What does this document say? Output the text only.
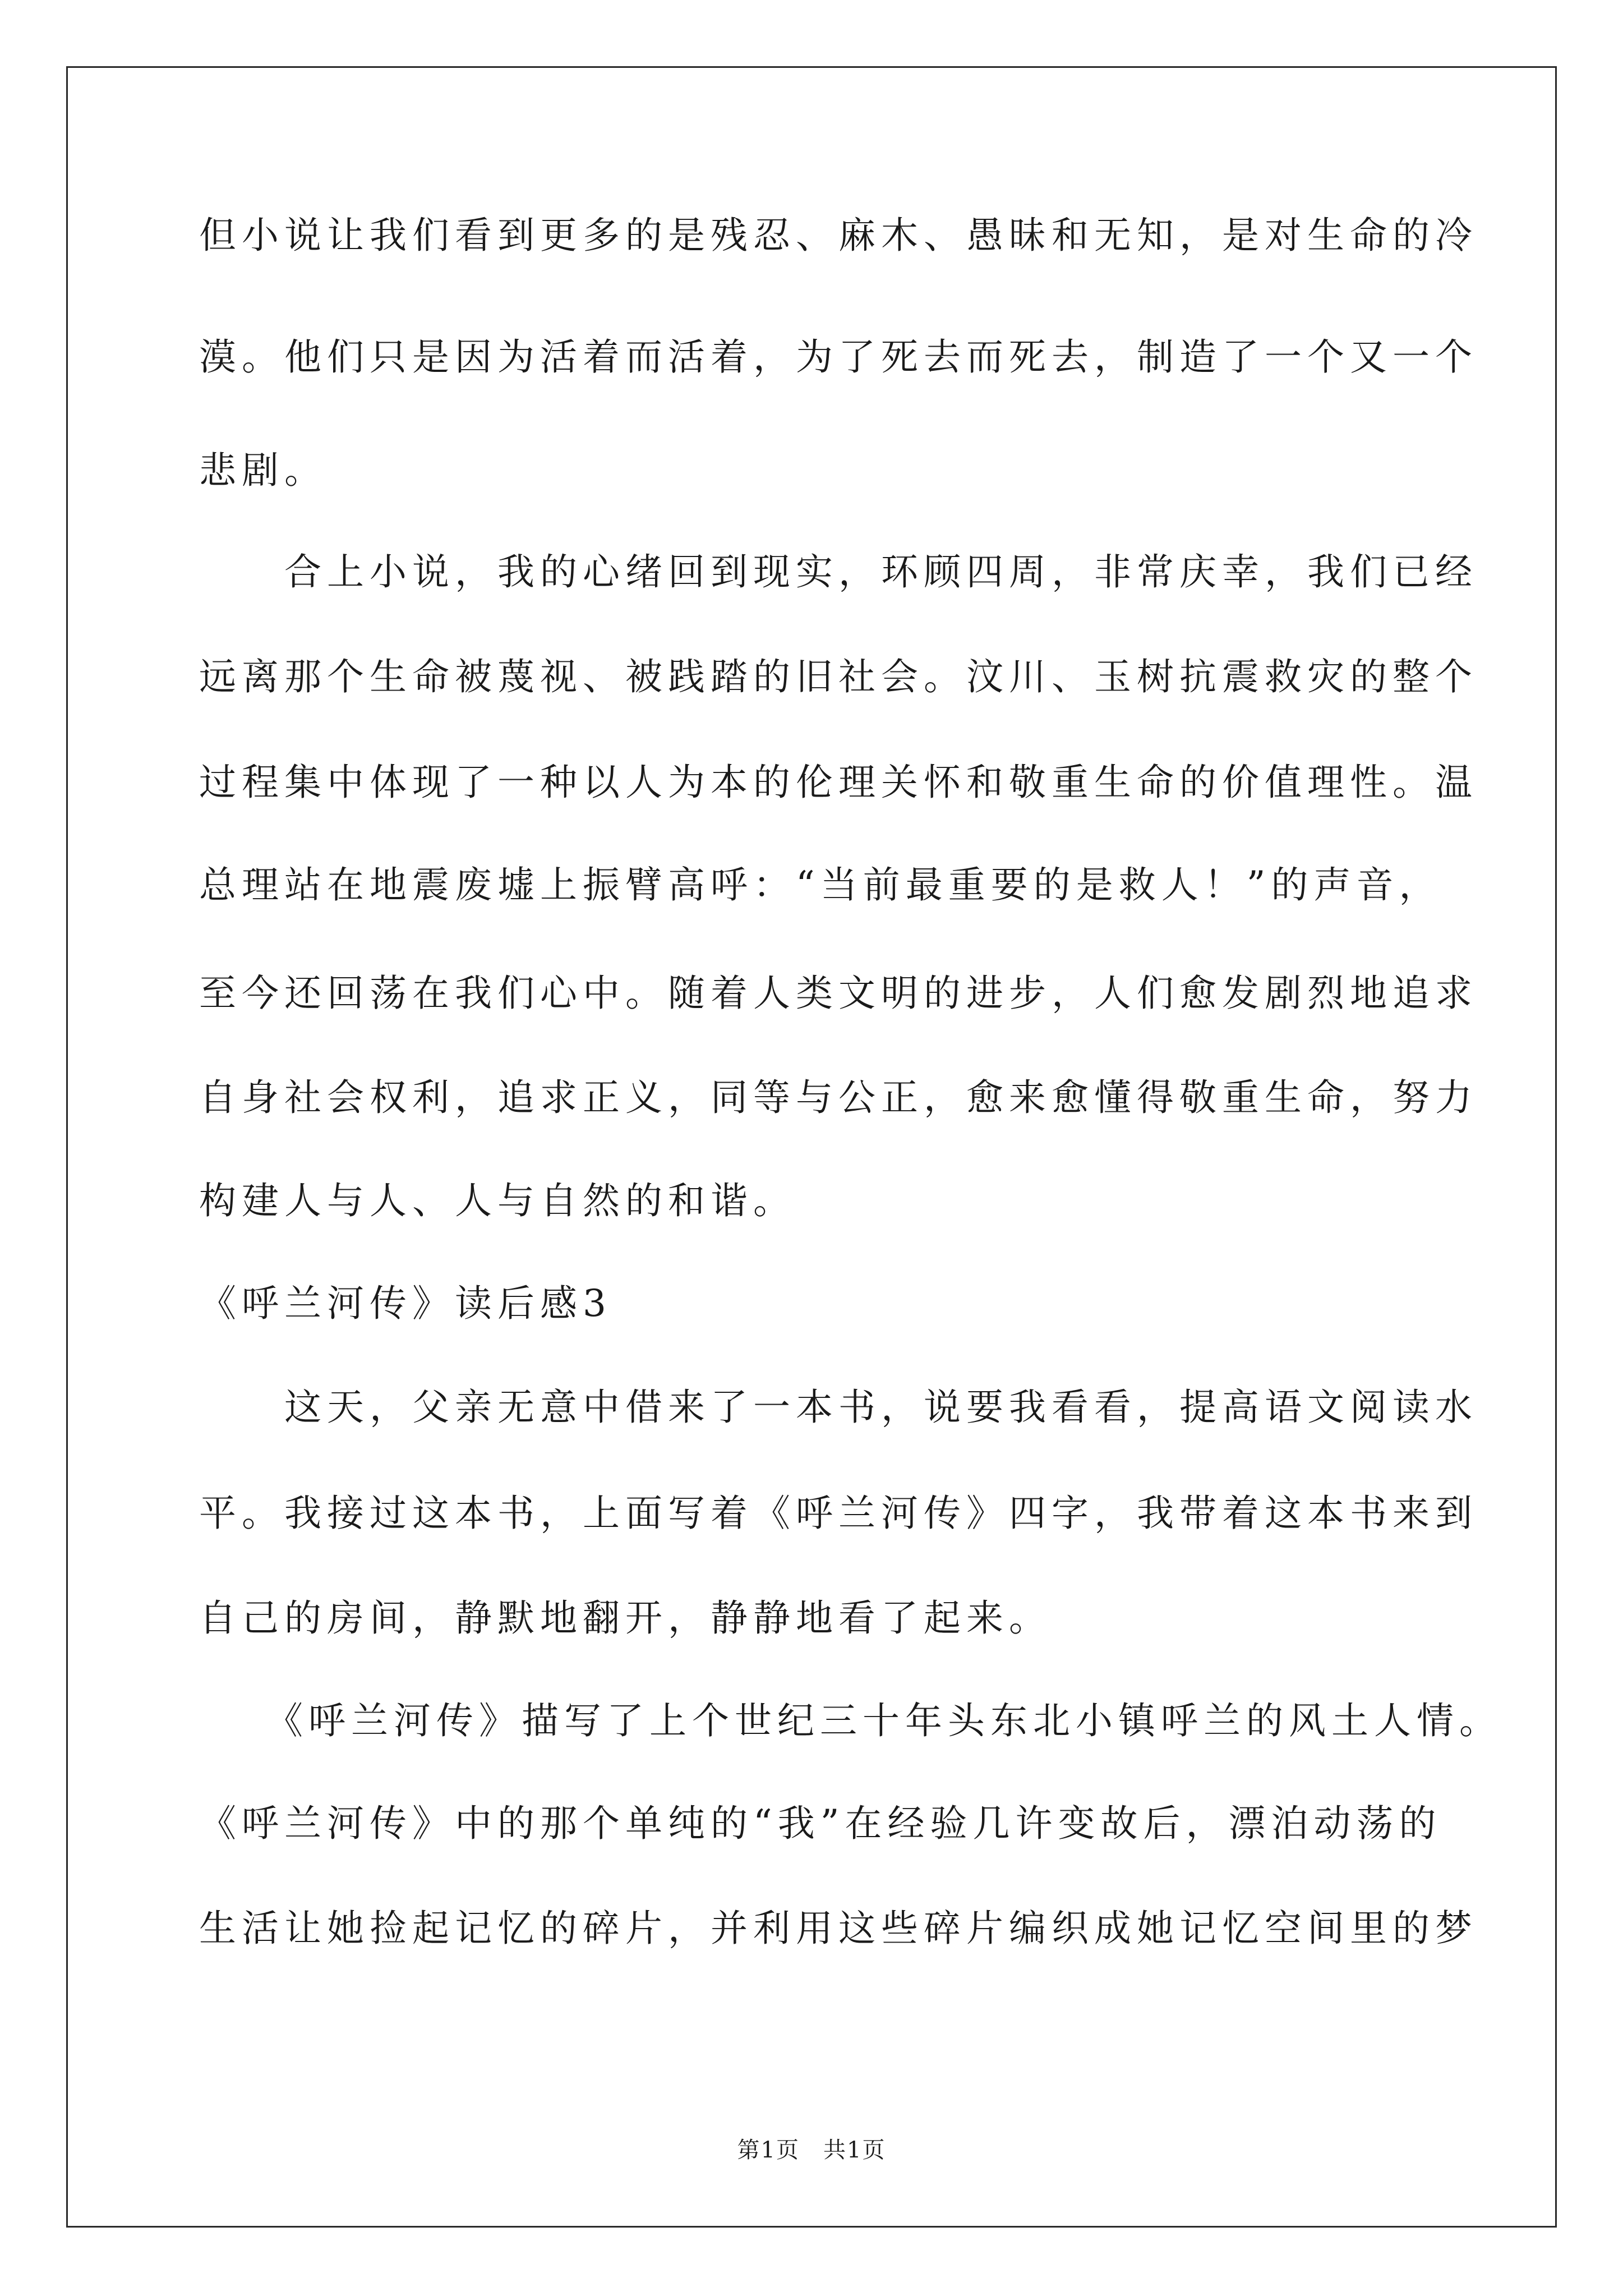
但小说让我们看到更多的是残忍、麻木、愚昧和无知，是对生命的冷
漠。他们只是因为活着而活着，为了死去而死去，制造了一个又一个
悲剧。
　　合上小说，我的心绪回到现实，环顾四周，非常庆幸，我们已经
远离那个生命被蔑视、被践踏的旧社会。汶川、玉树抗震救灾的整个
过程集中体现了一种以人为本的伦理关怀和敬重生命的价值理性。温
总理站在地震废墟上振臂高呼：“当前最重要的是救人！”的声音，
至今还回荡在我们心中。随着人类文明的进步，人们愈发剧烈地追求
自身社会权利，追求正义，同等与公正，愈来愈懂得敬重生命，努力
构建人与人、人与自然的和谐。
《呼兰河传》读后感3
　　这天，父亲无意中借来了一本书，说要我看看，提高语文阅读水
平。我接过这本书，上面写着《呼兰河传》四字，我带着这本书来到
自己的房间，静默地翻开，静静地看了起来。
　　《呼兰河传》描写了上个世纪三十年头东北小镇呼兰的风土人情。
《呼兰河传》中的那个单纯的“我”在经验几许变故后，漂泊动荡的
生活让她捡起记忆的碎片，并利用这些碎片编织成她记忆空间里的梦
第1页　共1页
